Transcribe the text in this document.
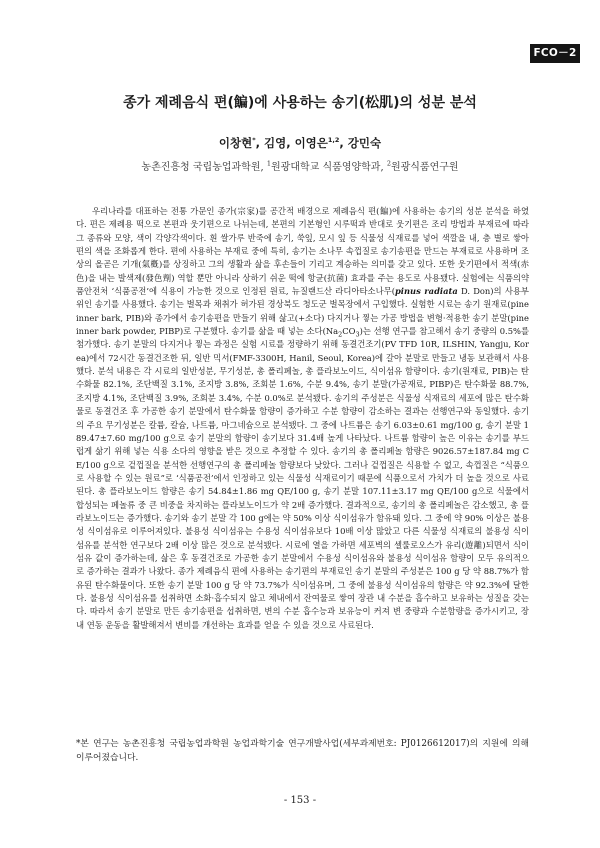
FCO－2
종가 제례음식 편(䭏)에 사용하는 송기(松肌)의 성분 분석
이창현*, 김영, 이영은$^{1,2}$, 강민숙
농촌진흥청 국립농업과학원, $^1$원광대학교 식품영양학과, $^2$원광식품연구원

우리나라를 대표하는 전통 가문인 종가(宗家)를 공간적 배경으로 제례음식 편(䭏)에 사용하는 송기의 성분 분석을 하였다. 편은 제례용 떡으로 본편과 웃기편으로 나뉘는데, 본편의 기본형인 시루떡과 반대로 웃기편은 조리 방법과 부재료에 따라 그 종류와 모양, 색이 각양각색이다. 흰 쌀가루 반죽에 송기, 쑥잎, 모시 잎 등 식물성 식재료를 넣어 색깔을 내, 층 별로 쌓아 편의 색을 조화롭게 한다. 편에 사용하는 부재료 중에 특히, 송기는 소나무 속껍질로 송기송편을 만드는 부재료로 사용하며 조상의 올곧은 기개(氣槪)를 상징하고 그의 생활과 삶을 후손들이 기리고 계승하는 의미를 갖고 있다. 또한 웃기편에서 적색(赤色)을 내는 발색제(發色劑) 역할 뿐만 아니라 상하기 쉬운 떡에 항균(抗菌) 효과를 주는 용도로 사용됐다. 실험에는 식품의약품안전처 ‘식품공전’에 식용이 가능한 것으로 인정된 원료, 뉴질랜드산 라디아타소나무(pinus radiata D. Don)의 사용부위인 송기를 사용했다. 송기는 벌목과 채취가 허가된 경상북도 청도군 벌목장에서 구입했다. 실험한 시료는 송기 원재료(pine inner bark, PIB)와 종가에서 송기송편을 만들기 위해 삶고(+소다) 다지거나 찧는 가공 방법을 변형·적용한 송기 분말(pine inner bark powder, PIBP)로 구분했다. 송기를 삶을 때 넣는 소다$(Na_2CO_3)$는 선행 연구를 참고해서 송기 중량의 0.5%를 첨가했다. 송기 분말의 다지거나 찧는 과정은 실험 시료를 정량하기 위해 동결건조기(PV TFD 10R, ILSHIN, Yangju, Korea)에서 72시간 동결건조한 뒤, 일반 믹서(FMF-3300H, Hanil, Seoul, Korea)에 갈아 분말로 만들고 냉동 보관해서 사용했다. 분석 내용은 각 시료의 일반성분, 무기성분, 총 폴리페놀, 총 플라보노이드, 식이섬유 함량이다. 송기(원재료, PIB)는 탄수화물 82.1%, 조단백질 3.1%, 조지방 3.8%, 조회분 1.6%, 수분 9.4%, 송기 분말(가공재료, PIBP)은 탄수화물 88.7%, 조지방 4.1%, 조단백질 3.9%, 조회분 3.4%, 수분 0.0%로 분석됐다. 송기의 주성분은 식물성 식재료의 세포에 많은 탄수화물로 동결건조 후 가공한 송기 분말에서 탄수화물 함량이 증가하고 수분 함량이 감소하는 결과는 선행연구와 동일했다. 송기의 주요 무기성분은 칼륨, 칼슘, 나트륨, 마그네슘으로 분석됐다. 그 중에 나트륨은 송기 6.03±0.61 mg/100 g, 송기 분말 189.47±7.60 mg/100 g으로 송기 분말의 함량이 송기보다 31.4배 높게 나타났다. 나트륨 함량이 높은 이유는 송기를 부드럽게 삶기 위해 넣는 식용 소다의 영향을 받은 것으로 추정할 수 있다. 송기의 총 폴리페놀 함량은 9026.57±187.84 mg CE/100 g으로 겉껍질을 분석한 선행연구의 총 폴리페놀 함량보다 낮았다. 그러나 겉껍질은 식용할 수 없고, 속껍질은 “식품으로 사용할 수 있는 원료”로 ‘식품공전’에서 인정하고 있는 식물성 식재료이기 때문에 식품으로서 가치가 더 높을 것으로 사료된다. 총 플라보노이드 함량은 송기 54.84±1.86 mg QE/100 g, 송기 분말 107.11±3.17 mg QE/100 g으로 식물에서 합성되는 페놀류 중 큰 비중을 차지하는 플라보노이드가 약 2배 증가했다. 결과적으로, 송기의 총 폴리페놀은 감소했고, 총 플라보노이드는 증가했다. 송기와 송기 분말 각 100 g에는 약 50% 이상 식이섬유가 함유돼 있다. 그 중에 약 90% 이상은 불용성 식이섬유로 이루어져있다. 불용성 식이섬유는 수용성 식이섬유보다 10배 이상 많았고 다른 식물성 식재료의 불용성 식이섬유를 분석한 연구보다 2배 이상 많은 것으로 분석됐다. 시료에 열을 가하면 세포벽의 셀룰로오스가 유리(遊離)되면서 식이섬유 값이 증가하는데, 삶은 후 동결건조로 가공한 송기 분말에서 수용성 식이섬유와 불용성 식이섬유 함량이 모두 유의적으로 증가하는 결과가 나왔다. 종가 제례음식 편에 사용하는 송기편의 부재료인 송기 분말의 주성분은 100 g 당 약 88.7%가 함유된 탄수화물이다. 또한 송기 분말 100 g 당 약 73.7%가 식이섬유며, 그 중에 불용성 식이섬유의 함량은 약 92.3%에 달한다. 불용성 식이섬유를 섭취하면 소화·흡수되지 않고 체내에서 잔여물로 쌓여 장관 내 수분을 흡수하고 보유하는 성질을 갖는다. 따라서 송기 분말로 만든 송기송편을 섭취하면, 변의 수분 흡수능과 보유능이 커져 변 중량과 수분함량을 증가시키고, 장내 연동 운동을 활발해져서 변비를 개선하는 효과를 얻을 수 있을 것으로 사료된다.

*본 연구는 농촌진흥청 국립농업과학원 농업과학기술 연구개발사업(세부과제번호: PJ0126612017)의 지원에 의해 이루어졌습니다.
- 153 -
